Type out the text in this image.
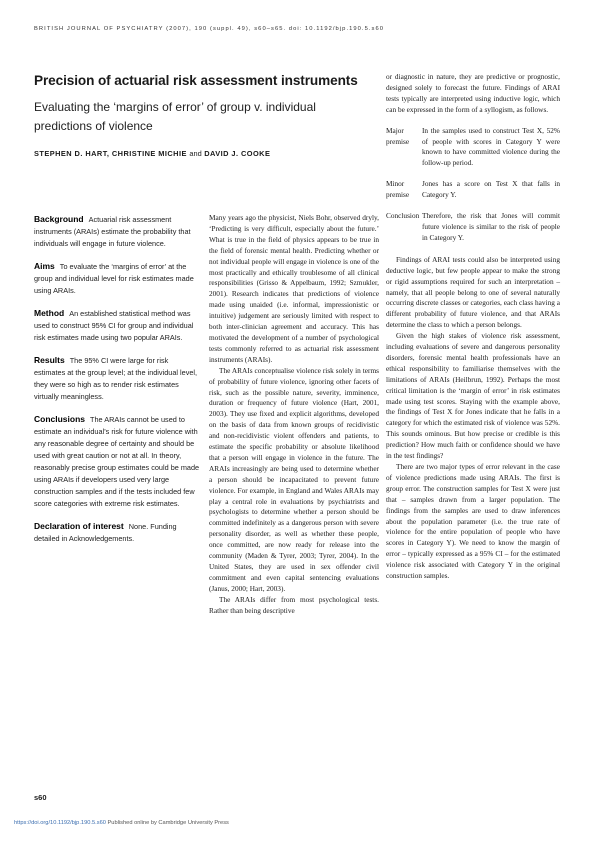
BRITISH JOURNAL OF PSYCHIATRY (2007), 190 (suppl. 49), s60–s65. doi: 10.1192/bjp.190.5.s60
Precision of actuarial risk assessment instruments
Evaluating the ‘margins of error’ of group v. individual predictions of violence
STEPHEN D. HART, CHRISTINE MICHIE and DAVID J. COOKE

Background Actuarial risk assessment instruments (ARAIs) estimate the probability that individuals will engage in future violence.

Aims To evaluate the ‘margins of error’ at the group and individual level for risk estimates made using ARAIs.

Method An established statistical method was used to construct 95% CI for group and individual risk estimates made using two popular ARAIs.

Results The 95% CI were large for risk estimates at the group level; at the individual level, they were so high as to render risk estimates virtually meaningless.

Conclusions The ARAIs cannot be used to estimate an individual’s risk for future violence with any reasonable degree of certainty and should be used with great caution or not at all. In theory, reasonably precise group estimates could be made using ARAIs if developers used very large construction samples and if the tests included few score categories with extreme risk estimates.

Declaration of interest None. Funding detailed in Acknowledgements.

Many years ago the physicist, Niels Bohr, observed dryly, ‘Predicting is very difficult, especially about the future.’ What is true in the field of physics appears to be true in the field of forensic mental health. Predicting whether or not individual people will engage in violence is one of the most practically and ethically troublesome of all clinical responsibilities (Grisso & Appelbaum, 1992; Szmukler, 2001). Research indicates that predictions of violence made using unaided (i.e. informal, impressionistic or intuitive) judgement are seriously limited with respect to both inter-clinician agreement and accuracy. This has motivated the development of a number of psychological tests commonly referred to as actuarial risk assessment instruments (ARAIs).

The ARAIs conceptualise violence risk solely in terms of probability of future violence, ignoring other facets of risk, such as the possible nature, severity, imminence, duration or frequency of future violence (Hart, 2001, 2003). They use fixed and explicit algorithms, developed on the basis of data from known groups of recidivistic and non-recidivistic violent offenders and patients, to estimate the specific probability or absolute likelihood that a person will engage in violence in the future. The ARAIs increasingly are being used to determine whether a person should be incapacitated to prevent future violence. For example, in England and Wales ARAIs may play a central role in evaluations by psychiatrists and psychologists to determine whether a person should be committed indefinitely as a dangerous person with severe personality disorder, as well as whether these people, once committed, are now ready for release into the community (Maden & Tyrer, 2003; Tyrer, 2004). In the United States, they are used in sex offender civil commitment and even capital sentencing evaluations (Janus, 2000; Hart, 2003).

The ARAIs differ from most psychological tests. Rather than being descriptive

or diagnostic in nature, they are predictive or prognostic, designed solely to forecast the future. Findings of ARAI tests typically are interpreted using inductive logic, which can be expressed in the form of a syllogism, as follows.

Major premise
In the samples used to construct Test X, 52% of people with scores in Category Y were known to have committed violence during the follow-up period.
Minor premise
Jones has a score on Test X that falls in Category Y.
Conclusion Therefore, the risk that Jones will commit future violence is similar to the risk of people in Category Y.

Findings of ARAI tests could also be interpreted using deductive logic, but few people appear to make the strong or rigid assumptions required for such an interpretation – namely, that all people belong to one of several naturally occurring discrete classes or categories, each class having a different probability of future violence, and that ARAIs determine the class to which a person belongs.

Given the high stakes of violence risk assessment, including evaluations of severe and dangerous personality disorders, forensic mental health professionals have an ethical responsibility to familiarise themselves with the limitations of ARAIs (Heilbrun, 1992). Perhaps the most critical limitation is the ‘margin of error’ in risk estimates made using test scores. Staying with the example above, the findings of Test X for Jones indicate that he falls in a category for which the estimated risk of violence was 52%. This sounds ominous. But how precise or credible is this prediction? How much faith or confidence should we have in the test findings?

There are two major types of error relevant in the case of violence predictions made using ARAIs. The first is group error. The construction samples for Test X were just that – samples drawn from a larger population. The findings from the samples are used to draw inferences about the population parameter (i.e. the true rate of violence for the entire population of people who have scores in Category Y). We need to know the margin of error – typically expressed as a 95% CI – for the estimated violence risk associated with Category Y in the original construction samples.

s60
https://doi.org/10.1192/bjp.190.5.s60 Published online by Cambridge University Press
